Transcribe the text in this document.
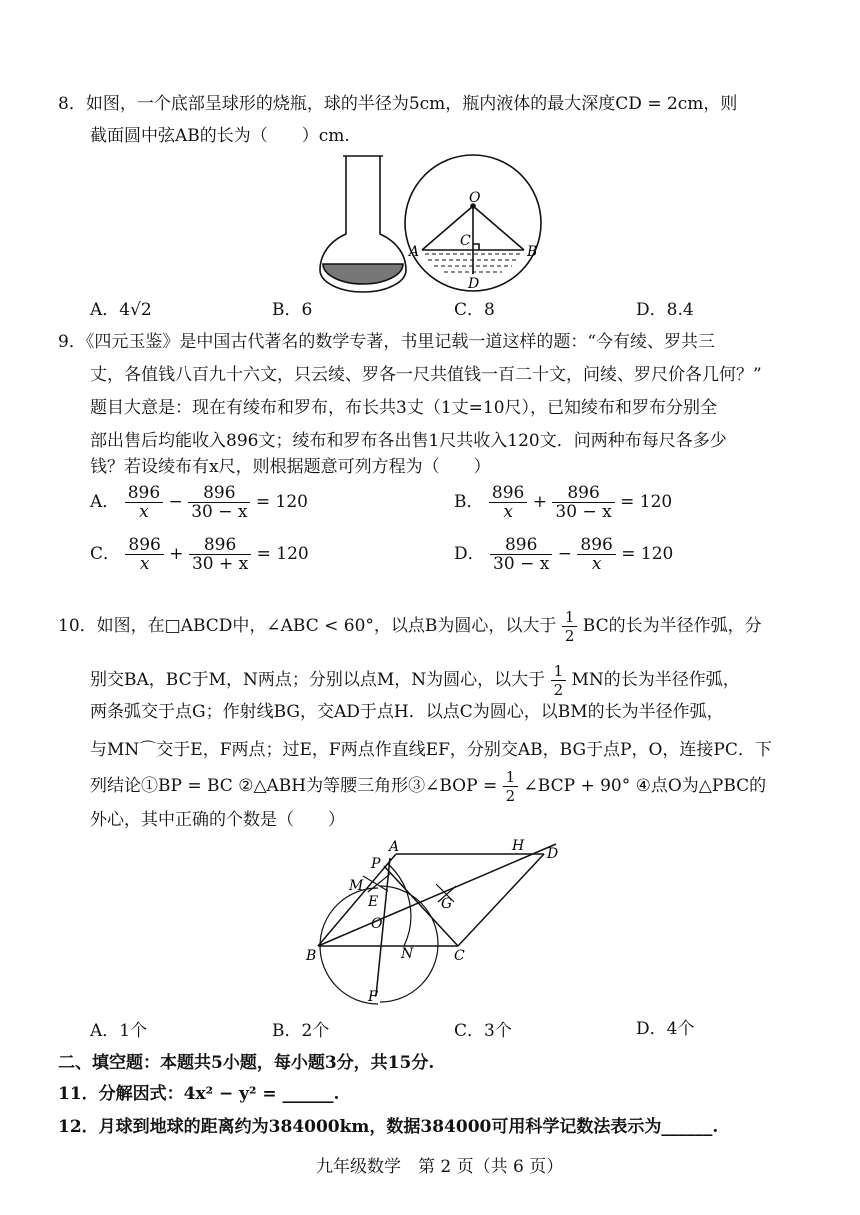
8．如图，一个底部呈球形的烧瓶，球的半径为5cm，瓶内液体的最大深度CD = 2cm，则
截面圆中弦AB的长为（　　）cm.
O
A	B
C
D
A．4√2	B．6	C．8	D．8.4
9．《四元玉鉴》是中国古代著名的数学专著，书里记载一道这样的题：“今有绫、罗共三
丈，各值钱八百九十六文，只云绫、罗各一尺共值钱一百二十文，问绫、罗尺价各几何？”
题目大意是：现在有绫布和罗布，布长共3丈（1丈=10尺），已知绫布和罗布分别全
部出售后均能收入896文；绫布和罗布各出售1尺共收入120文．问两种布每尺各多少
钱？若设绫布有x尺，则根据题意可列方程为（　　）
A． $\frac{896}{x} - \frac{896}{30 - x} = 120$	B． $\frac{896}{x} + \frac{896}{30 - x} = 120$
C． $\frac{896}{x} + \frac{896}{30 + x} = 120$	D． $\frac{896}{30 - x} - \frac{896}{x} = 120$
10．如图，在□ABCD中，∠ABC < 60°，以点B为圆心，以大于 $\frac{1}{2}$ BC的长为半径作弧，分
别交BA，BC于M，N两点；分别以点M，N为圆心，以大于 $\frac{1}{2}$ MN的长为半径作弧，
两条弧交于点G；作射线BG，交AD于点H．以点C为圆心，以BM的长为半径作弧，
与MN⌒交于E，F两点；过E，F两点作直线EF，分别交AB，BG于点P，O，连接PC．下
列结论①BP = BC ②△ABH为等腰三角形③∠BOP = $\frac{1}{2}$ ∠BCP + 90° ④点O为△PBC的
外心，其中正确的个数是（　　）
A
B	C
D
H
P
M
E
O
G
N
F
A．1个	B．2个	C．3个	D．4个
二、填空题：本题共5小题，每小题3分，共15分.
11．分解因式：4x² − y² = ______.
12．月球到地球的距离约为384000km，数据384000可用科学记数法表示为______.
九年级数学　第 2 页（共 6 页）
